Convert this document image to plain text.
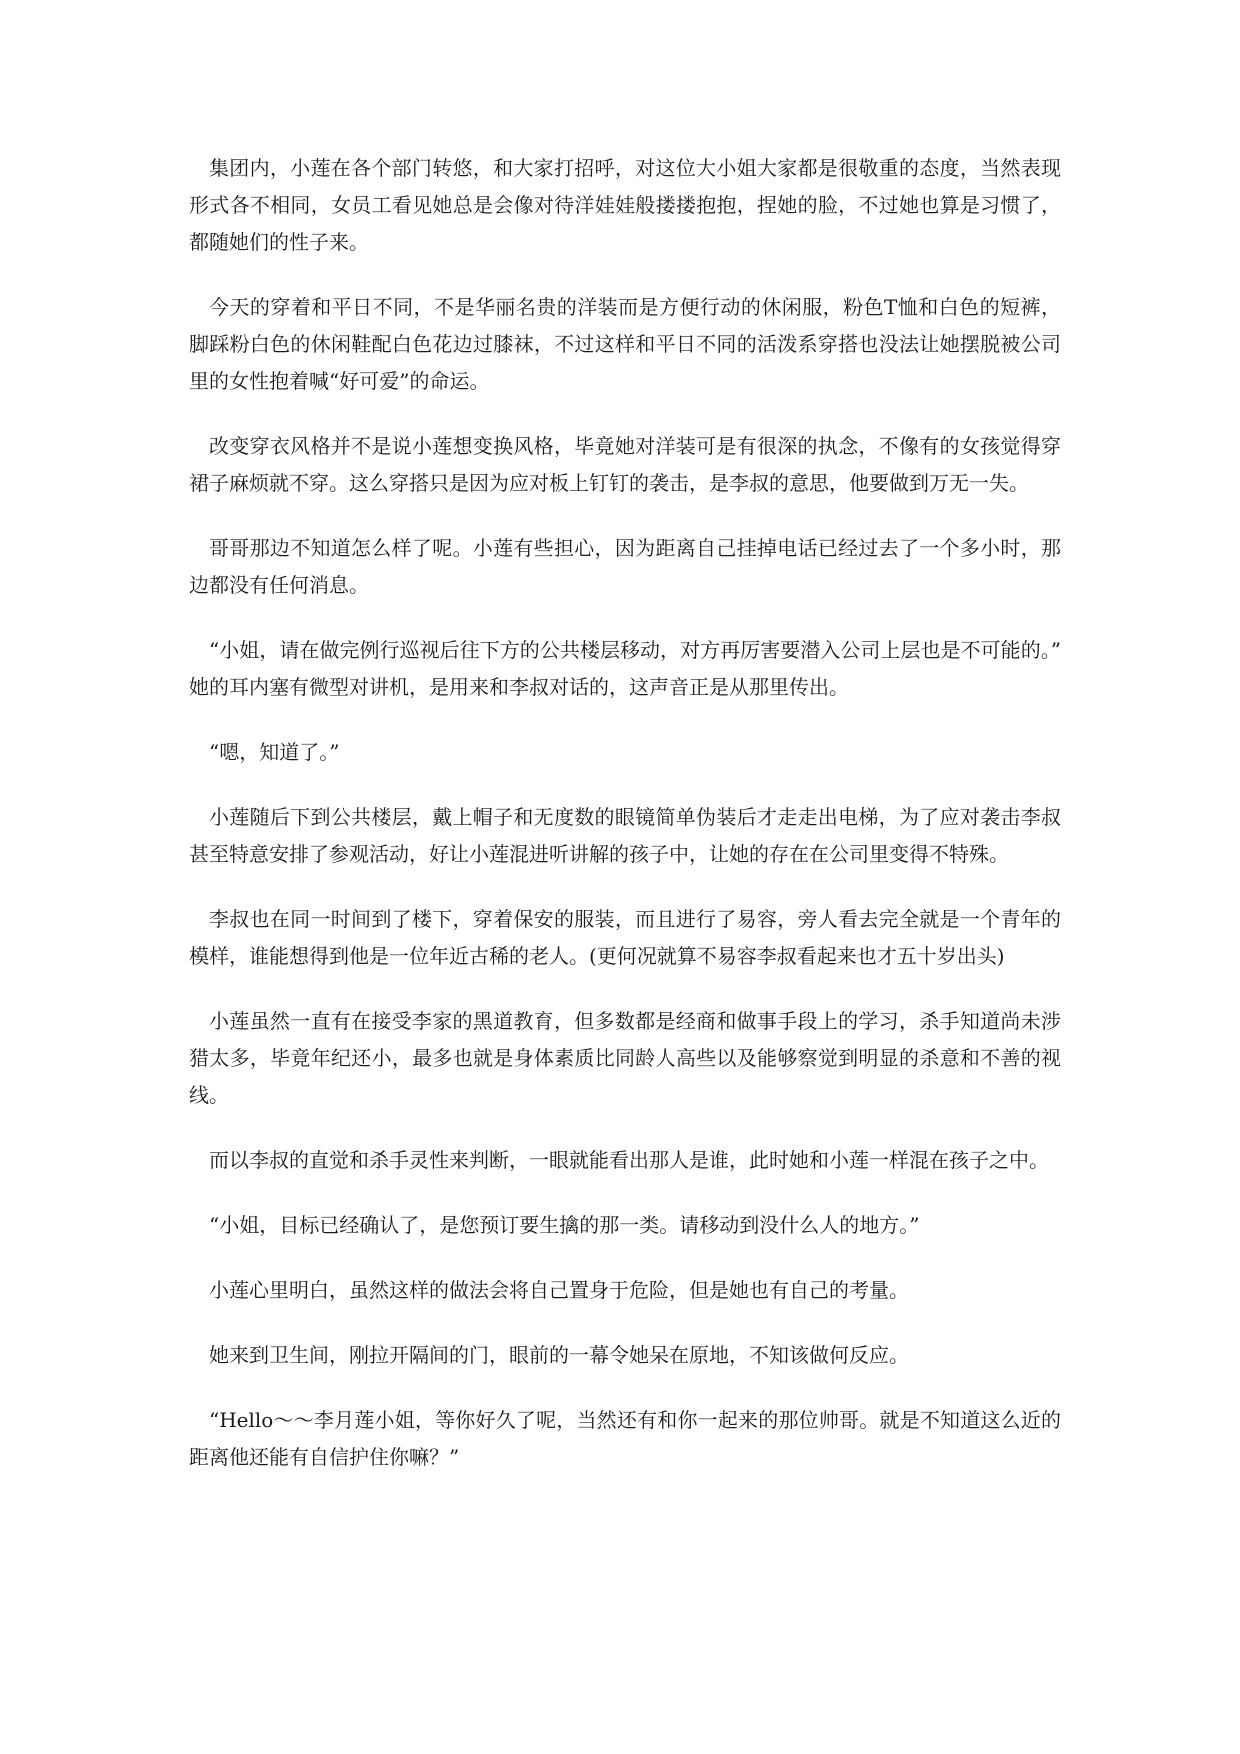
集团内，小莲在各个部门转悠，和大家打招呼，对这位大小姐大家都是很敬重的态度，当然表现形式各不相同，女员工看见她总是会像对待洋娃娃般搂搂抱抱，捏她的脸，不过她也算是习惯了，都随她们的性子来。

今天的穿着和平日不同，不是华丽名贵的洋装而是方便行动的休闲服，粉色T恤和白色的短裤，脚踩粉白色的休闲鞋配白色花边过膝袜，不过这样和平日不同的活泼系穿搭也没法让她摆脱被公司里的女性抱着喊“好可爱”的命运。

改变穿衣风格并不是说小莲想变换风格，毕竟她对洋装可是有很深的执念，不像有的女孩觉得穿裙子麻烦就不穿。这么穿搭只是因为应对板上钉钉的袭击，是李叔的意思，他要做到万无一失。

哥哥那边不知道怎么样了呢。小莲有些担心，因为距离自己挂掉电话已经过去了一个多小时，那边都没有任何消息。

“小姐，请在做完例行巡视后往下方的公共楼层移动，对方再厉害要潜入公司上层也是不可能的。” 她的耳内塞有微型对讲机，是用来和李叔对话的，这声音正是从那里传出。

“嗯，知道了。”

小莲随后下到公共楼层，戴上帽子和无度数的眼镜简单伪装后才走走出电梯，为了应对袭击李叔甚至特意安排了参观活动，好让小莲混进听讲解的孩子中，让她的存在在公司里变得不特殊。

李叔也在同一时间到了楼下，穿着保安的服装，而且进行了易容，旁人看去完全就是一个青年的模样，谁能想得到他是一位年近古稀的老人。(更何况就算不易容李叔看起来也才五十岁出头)

小莲虽然一直有在接受李家的黑道教育，但多数都是经商和做事手段上的学习，杀手知道尚未涉猎太多，毕竟年纪还小，最多也就是身体素质比同龄人高些以及能够察觉到明显的杀意和不善的视线。

而以李叔的直觉和杀手灵性来判断，一眼就能看出那人是谁，此时她和小莲一样混在孩子之中。

“小姐，目标已经确认了，是您预订要生擒的那一类。请移动到没什么人的地方。”

小莲心里明白，虽然这样的做法会将自己置身于危险，但是她也有自己的考量。

她来到卫生间，刚拉开隔间的门，眼前的一幕令她呆在原地，不知该做何反应。

“Hello～～李月莲小姐，等你好久了呢，当然还有和你一起来的那位帅哥。就是不知道这么近的距离他还能有自信护住你嘛？”
